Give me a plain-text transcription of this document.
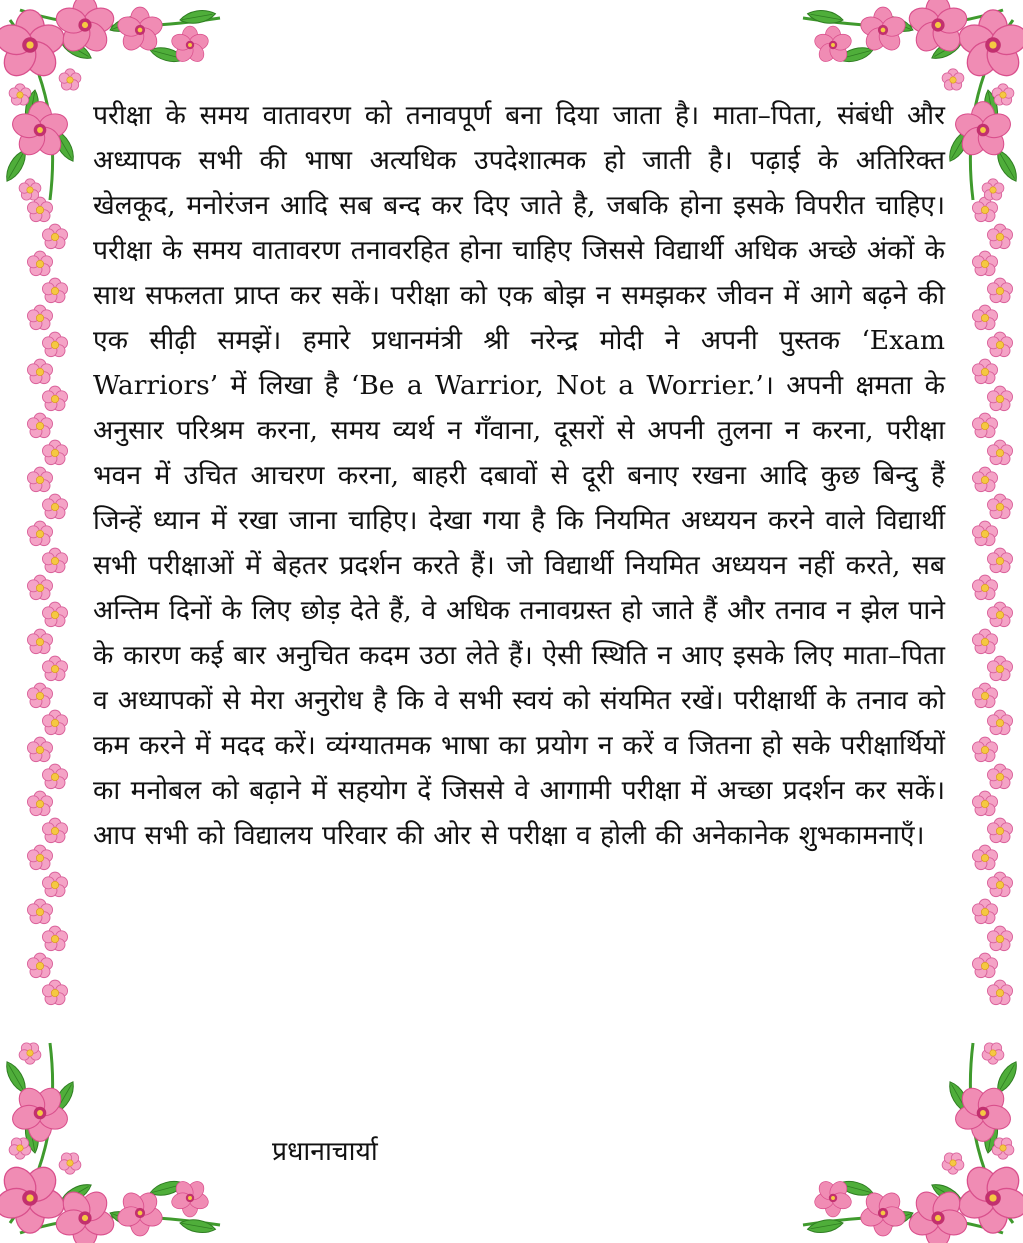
परीक्षा के समय वातावरण को तनावपूर्ण बना दिया जाता है। माता–पिता, संबंधी और अध्यापक सभी की भाषा अत्यधिक उपदेशात्मक हो जाती है। पढ़ाई के अतिरिक्त खेलकूद, मनोरंजन आदि सब बन्द कर दिए जाते है, जबकि होना इसके विपरीत चाहिए। परीक्षा के समय वातावरण तनावरहित होना चाहिए जिससे विद्यार्थी अधिक अच्छे अंकों के साथ सफलता प्राप्त कर सकें। परीक्षा को एक बोझ न समझकर जीवन में आगे बढ़ने की एक सीढ़ी समझें। हमारे प्रधानमंत्री श्री नरेन्द्र मोदी ने अपनी पुस्तक ‘Exam Warriors’ में लिखा है ‘Be a Warrior, Not a Worrier.’। अपनी क्षमता के अनुसार परिश्रम करना, समय व्यर्थ न गँवाना, दूसरों से अपनी तुलना न करना, परीक्षा भवन में उचित आचरण करना, बाहरी दबावों से दूरी बनाए रखना आदि कुछ बिन्दु हैं जिन्हें ध्यान में रखा जाना चाहिए। देखा गया है कि नियमित अध्ययन करने वाले विद्यार्थी सभी परीक्षाओं में बेहतर प्रदर्शन करते हैं। जो विद्यार्थी नियमित अध्ययन नहीं करते, सब अन्तिम दिनों के लिए छोड़ देते हैं, वे अधिक तनावग्रस्त हो जाते हैं और तनाव न झेल पाने के कारण कई बार अनुचित कदम उठा लेते हैं। ऐसी स्थिति न आए इसके लिए माता–पिता व अध्यापकों से मेरा अनुरोध है कि वे सभी स्वयं को संयमित रखें। परीक्षार्थी के तनाव को कम करने में मदद करें। व्यंग्यातमक भाषा का प्रयोग न करें व जितना हो सके परीक्षार्थियों का मनोबल को बढ़ाने में सहयोग दें जिससे वे आगामी परीक्षा में अच्छा प्रदर्शन कर सकें। आप सभी को विद्यालय परिवार की ओर से परीक्षा व होली की अनेकानेक शुभकामनाएँ।

प्रधानाचार्या
